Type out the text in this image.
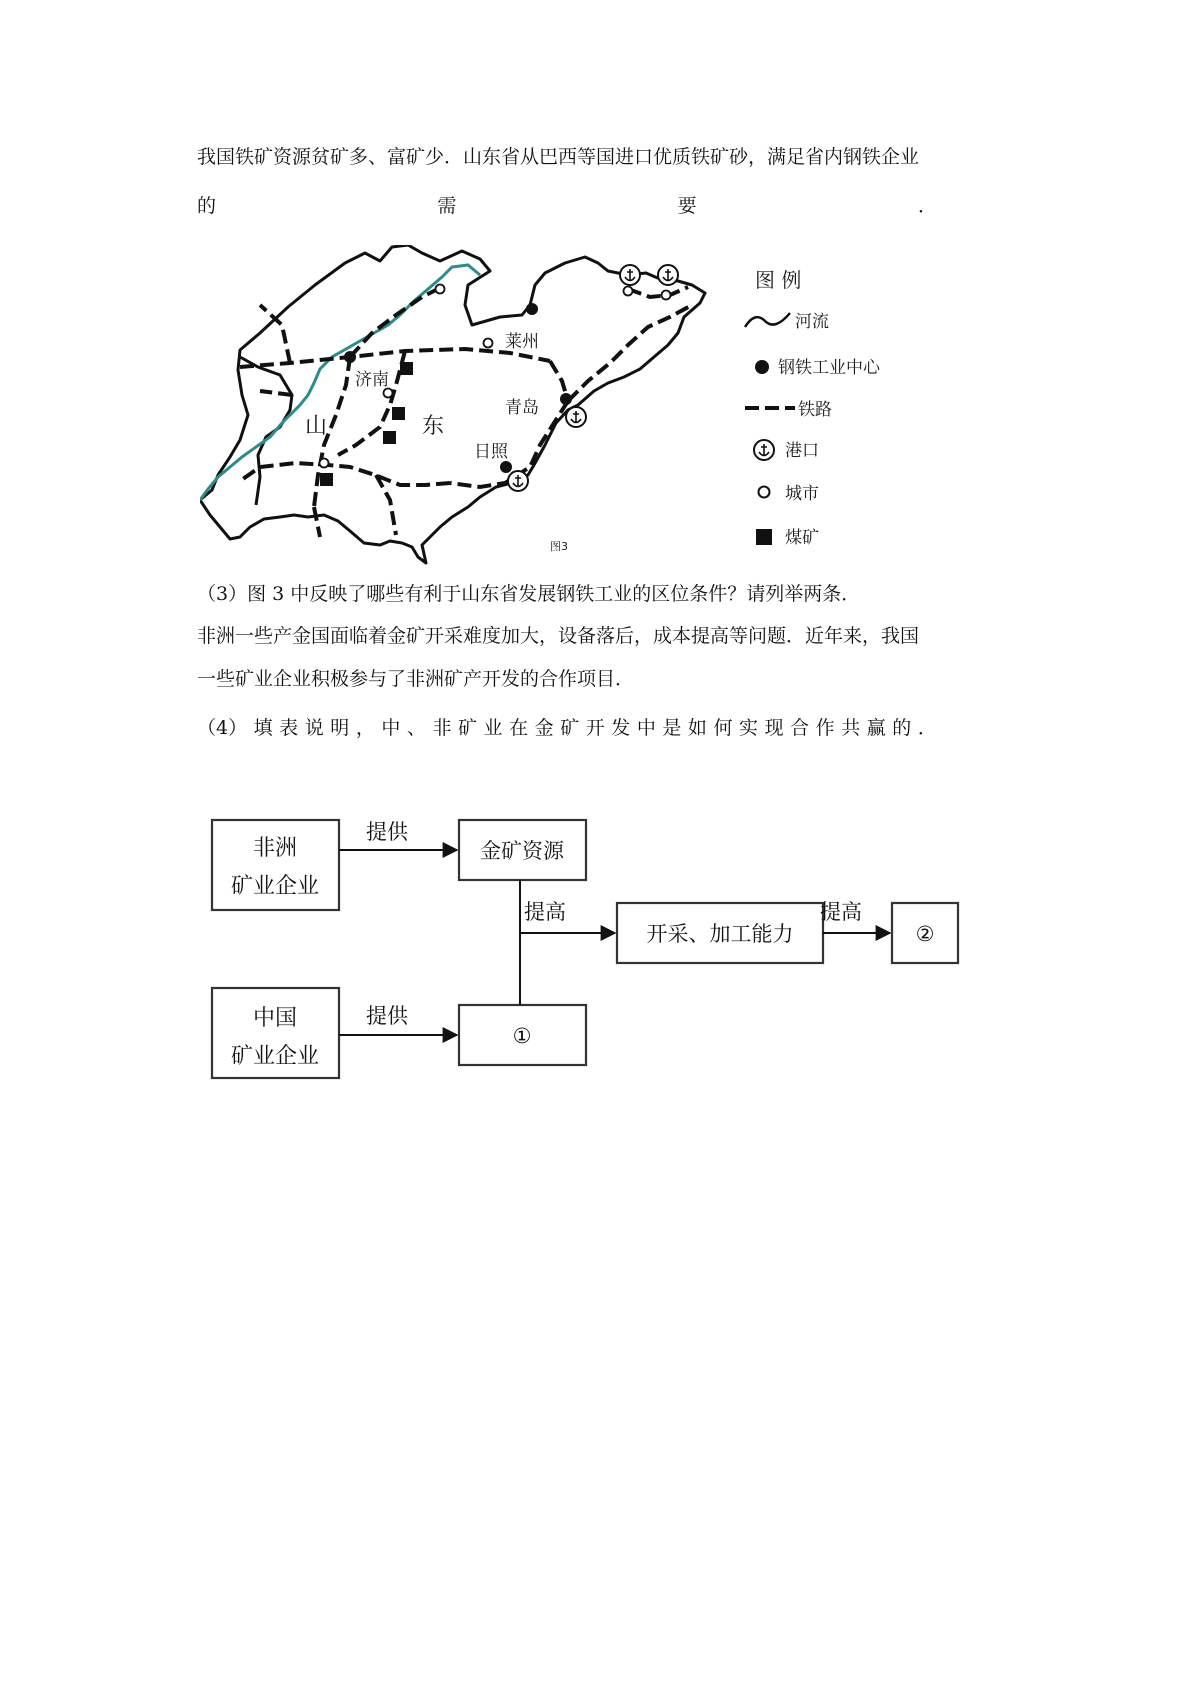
我国铁矿资源贫矿多、富矿少．山东省从巴西等国进口优质铁矿砂，满足省内钢铁企业

的	需	要	．
山	东
济南
莱州
青岛
日照
图3
图 例
河流
钢铁工业中心
铁路
港口
城市
煤矿

（3）图 3 中反映了哪些有利于山东省发展钢铁工业的区位条件？请列举两条．

非洲一些产金国面临着金矿开采难度加大，设备落后，成本提高等问题．近年来，我国

一些矿业企业积极参与了非洲矿产开发的合作项目．

（4） 填 表 说 明 ， 中 、 非 矿 业 在 金 矿 开 发 中 是 如 何 实 现 合 作 共 赢 的 ．
非洲
矿业企业
提供
金矿资源
提高
开采、加工能力
提高
②
中国
矿业企业
提供
①
